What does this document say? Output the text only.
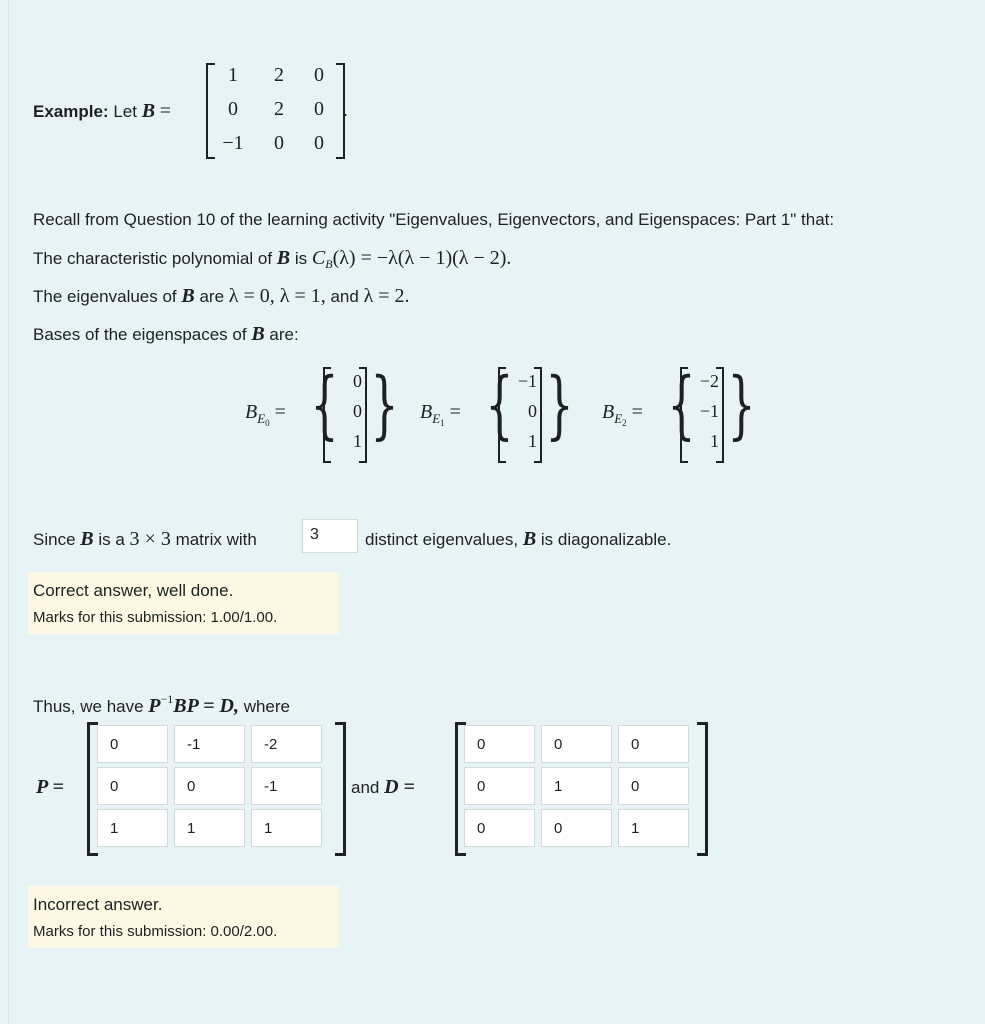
Example: Let B =	.
Recall from Question 10 of the learning activity "Eigenvalues, Eigenvectors, and Eigenspaces: Part 1" that:
The characteristic polynomial of B is $C_B(\lambda) = -\lambda(\lambda - 1)(\lambda - 2)$.
The eigenvalues of B are λ = 0, λ = 1, and λ = 2.
Bases of the eigenspaces of B are:
Since B is a 3 × 3 matrix with	3	distinct eigenvalues, B is diagonalizable.
Correct answer, well done.
Marks for this submission: 1.00/1.00.
Thus, we have $P^{-1}BP = D$, where
P =	and D =
Incorrect answer.
Marks for this submission: 0.00/2.00.
1	2	0
0	2	0
−1	0	0
$B_{E0}$ = { }
0
0
1
$B_{E1}$ = { }
−1
0
1
$B_{E2}$ = { }
−2
−1
1
0	-1	-2
0	0	-1
1	1	1
0	0	0
0	1	0
0	0	1
